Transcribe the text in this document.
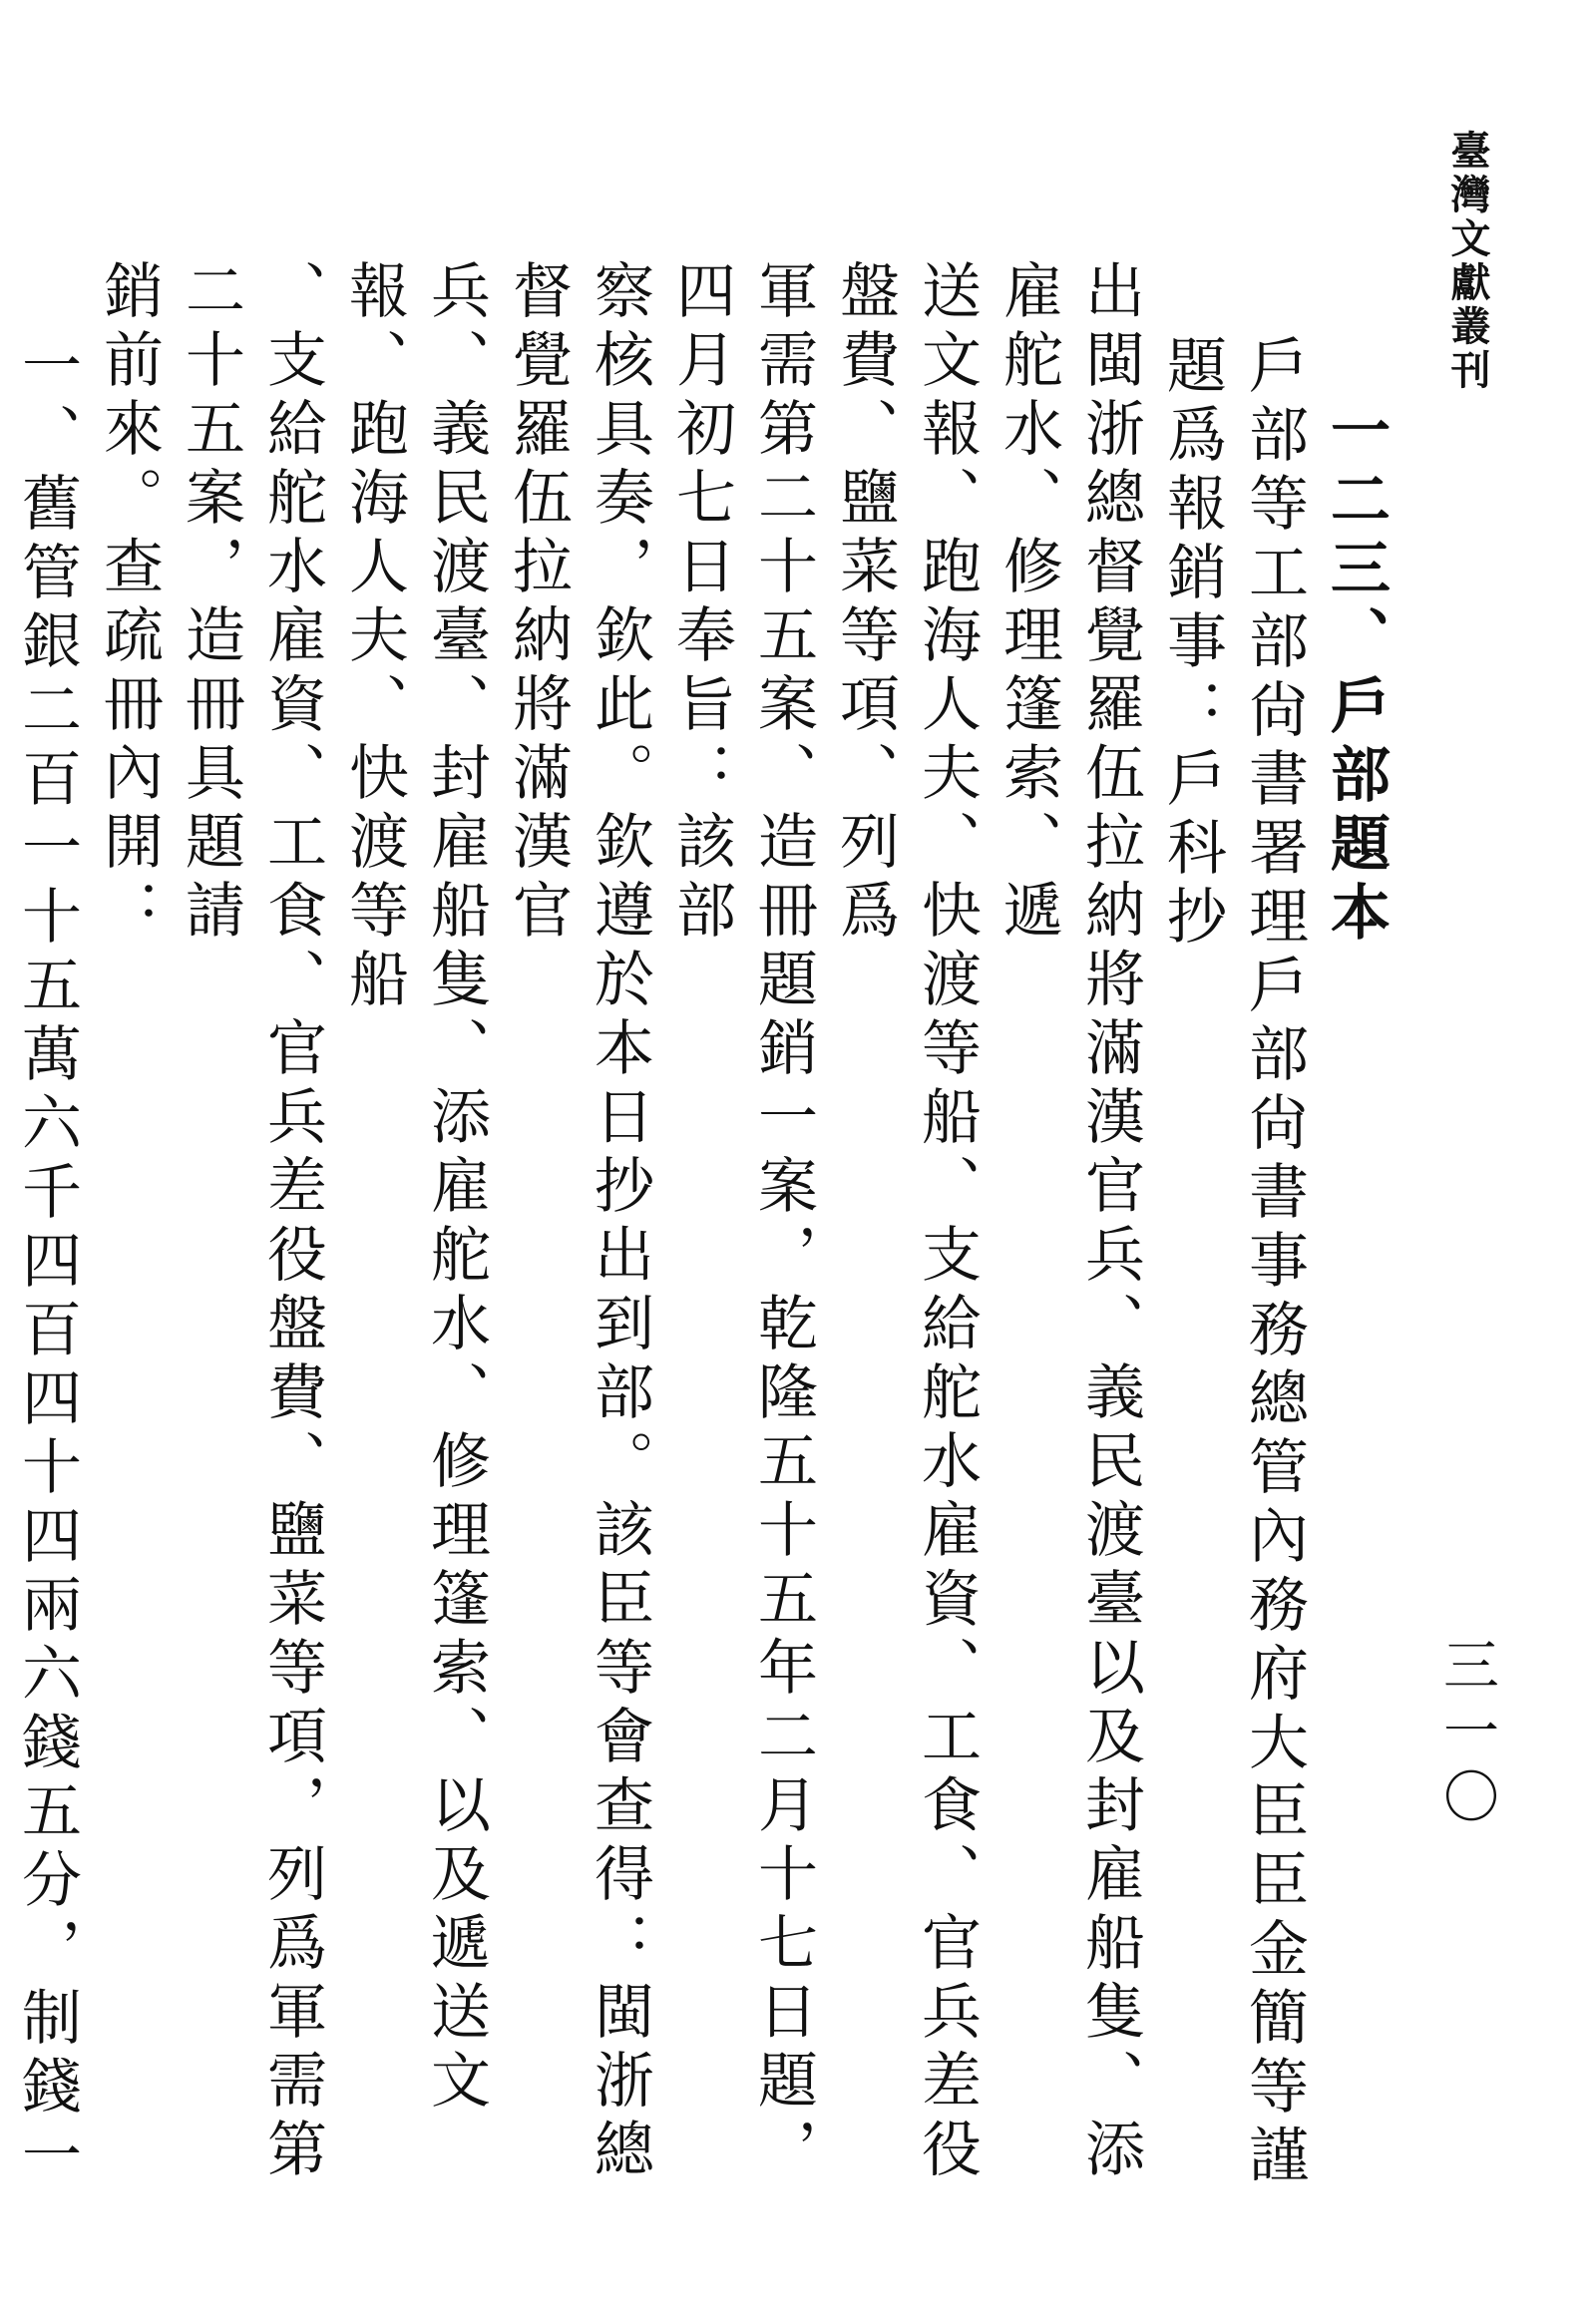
臺灣文獻叢刊
三一〇
一二三、戶部題本
戶部等工部尙書署理戶部尙書事務總管內務府大臣臣金簡等謹題爲報銷事：戶科抄
出閩浙總督覺羅伍拉納將滿漢官兵、義民渡臺以及封雇船隻、添雇舵水、修理篷索、遞
送文報、跑海人夫、快渡等船、支給舵水雇資、工食、官兵差役盤費、鹽菜等項、列爲
軍需第二十五案、造冊題銷一案，乾隆五十五年二月十七日題，四月初七日奉旨：該部
察核具奏，欽此。欽遵於本日抄出到部。該臣等會查得：閩浙總督覺羅伍拉納將滿漢官
兵、義民渡臺、封雇船隻、添雇舵水、修理篷索、以及遞送文報、跑海人夫、快渡等船
、支給舵水雇資、工食、官兵差役盤費、鹽菜等項，列爲軍需第二十五案，造冊具題請
銷前來。查疏冊內開：
一、舊管銀二百一十五萬六千四百四十四兩六錢五分，制錢一
